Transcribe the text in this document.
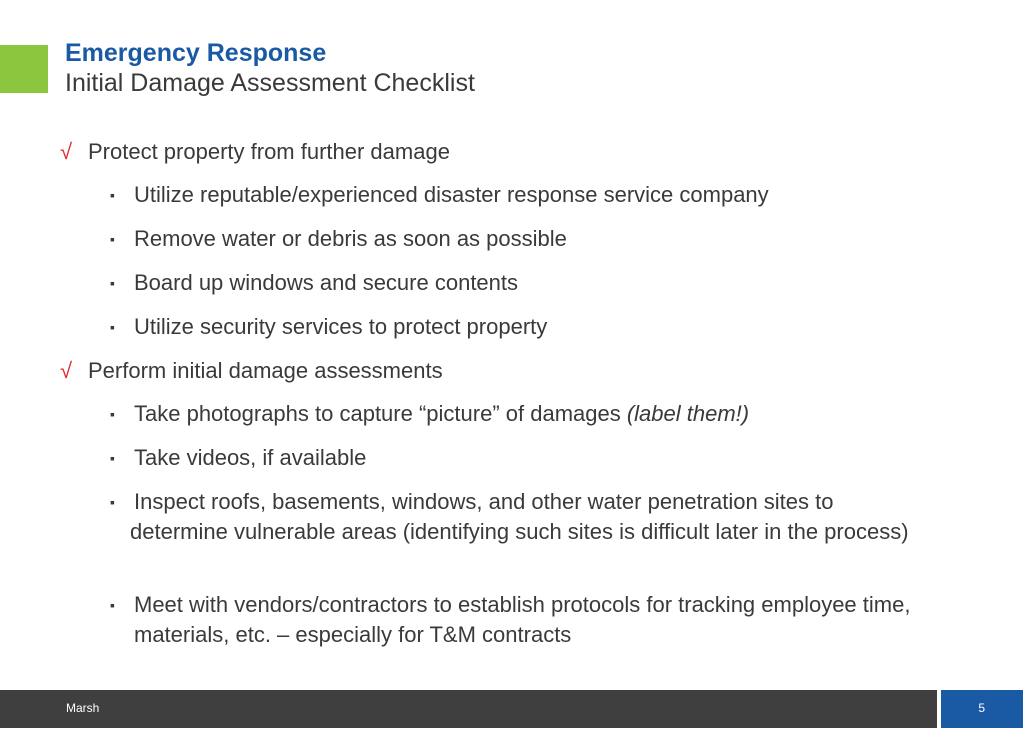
Emergency Response
Initial Damage Assessment Checklist
√ Protect property from further damage
▪ Utilize reputable/experienced disaster response service company
▪ Remove water or debris as soon as possible
▪ Board up windows and secure contents
▪ Utilize security services to protect property
√ Perform initial damage assessments
▪ Take photographs to capture “picture” of damages (label them!)
▪ Take videos, if available
▪ Inspect roofs, basements, windows, and other water penetration sites to determine vulnerable areas (identifying such sites is difficult later in the process)
▪ Meet with vendors/contractors to establish protocols for tracking employee time, materials, etc. – especially for T&M contracts
Marsh	5
